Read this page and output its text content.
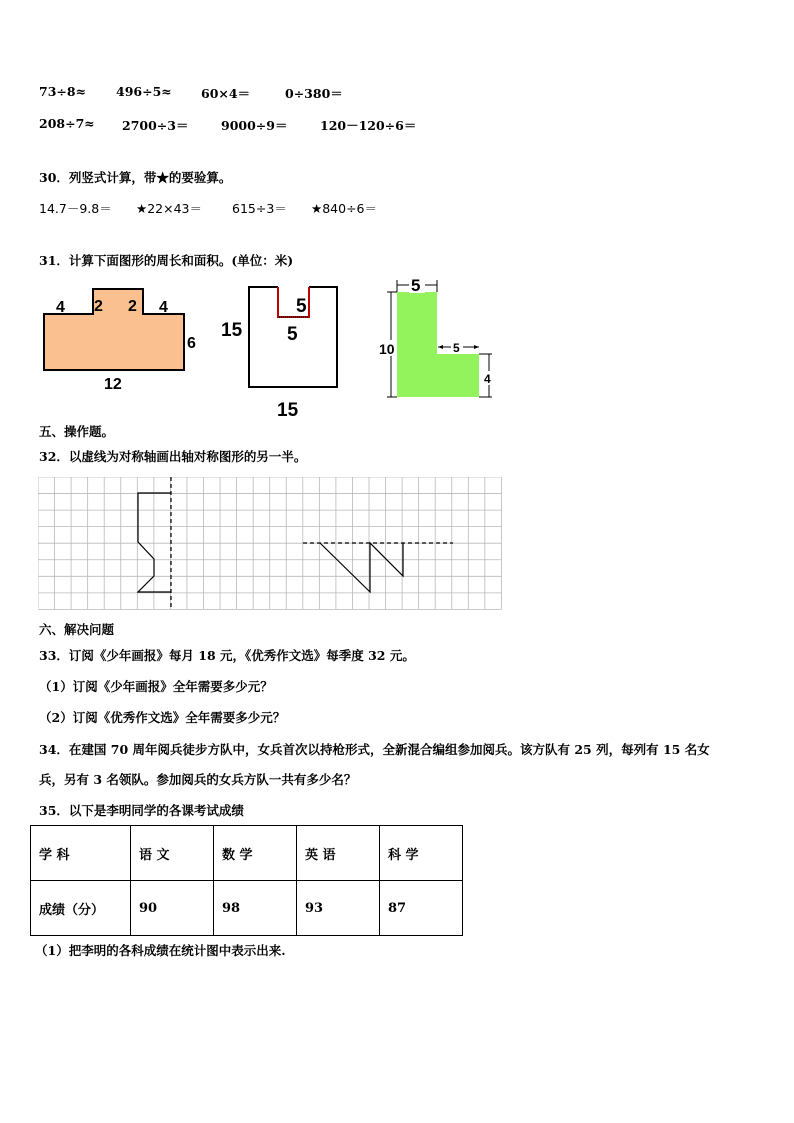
73÷8≈ 496÷5≈ 60×4＝	0÷380＝
208÷7≈ 2700÷3＝	9000÷9＝	120－120÷6＝
30．列竖式计算，带★的要验算。
14.7－9.8＝ ★22×43＝ 615÷3＝ ★840÷6＝
31．计算下面图形的周长和面积。(单位：米)
4 2 2 4
6
12
5
5
15
15
5
10	5
4
五、操作题。
32．以虚线为对称轴画出轴对称图形的另一半。
六、解决问题
33．订阅《少年画报》每月 18 元，《优秀作文选》每季度 32 元。
（1）订阅《少年画报》全年需要多少元？
（2）订阅《优秀作文选》全年需要多少元？
34．在建国 70 周年阅兵徒步方队中，女兵首次以持枪形式，全新混合编组参加阅兵。该方队有 25 列，每列有 15 名女
兵，另有 3 名领队。参加阅兵的女兵方队一共有多少名？
35．以下是李明同学的各课考试成绩
学 科	语 文	数 学	英 语	科 学
成绩（分）	90	98	93	87
（1）把李明的各科成绩在统计图中表示出来.
